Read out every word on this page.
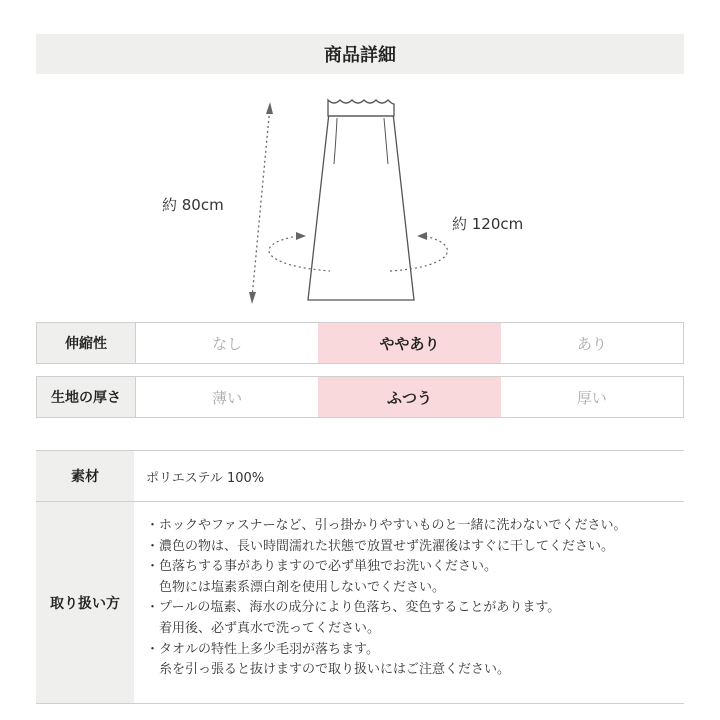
商品詳細
約 80cm
約 120cm
伸縮性	なし	ややあり	あり
生地の厚さ	薄い	ふつう	厚い
素材	ポリエステル 100%
取り扱い方
・ホックやファスナーなど、引っ掛かりやすいものと一緒に洗わないでください。
・濃色の物は、長い時間濡れた状態で放置せず洗濯後はすぐに干してください。
・色落ちする事がありますので必ず単独でお洗いください。
　色物には塩素系漂白剤を使用しないでください。
・プールの塩素、海水の成分により色落ち、変色することがあります。
　着用後、必ず真水で洗ってください。
・タオルの特性上多少毛羽が落ちます。
　糸を引っ張ると抜けますので取り扱いにはご注意ください。
